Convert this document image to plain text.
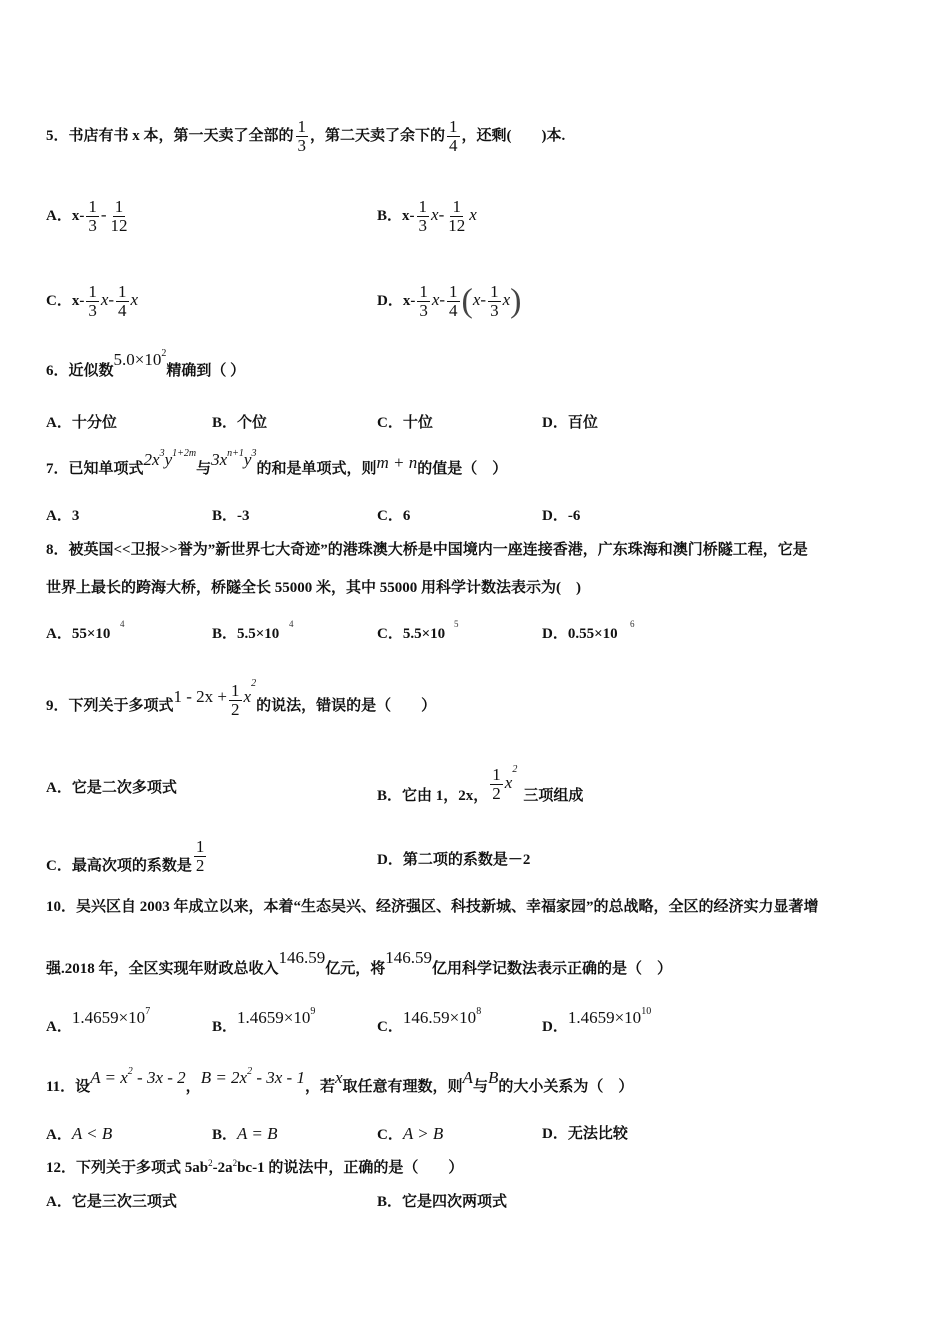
5．书店有书 x 本，第一天卖了全部的 $\frac{1}{3}$ ，第二天卖了余下的 $\frac{1}{4}$ ，还剩(　　)本.
A．$x- \frac{1}{3} - \frac{1}{12}$	B．$x- \frac{1}{3} x- \frac{1}{12}$ x
C．$x- \frac{1}{3} x- \frac{1}{4}$ x	D．$x- \frac{1}{3} x- \frac{1}{4} (x- \frac{1}{3} x)$
6．近似数$5.0\times 10^2$精确到（ ）
A．十分位	B．个位	C．十位	D．百位
7．已知单项式$2x^3y^{1+2m}$与$3x^{n+1}y^3$的和是单项式，则m + n的值是（　）
A．3	B．-3	C．6	D．-6
8．被英国<<卫报>>誉为”新世界七大奇迹”的港珠澳大桥是中国境内一座连接香港，广东珠海和澳门桥隧工程，它是
世界上最长的跨海大桥，桥隧全长 55000 米，其中 55000 用科学计数法表示为(　)
A．55×10
4
B．5.5×10
4
C．5.5×10
5
D．0.55×10
6
9．下列关于多项式$1 - 2x + \frac{1}{2} x^2$的说法，错误的是（　　）
A．它是二次多项式	B．它由 1，2x， $\frac{1}{2} x^2$三项组成
C．最高次项的系数是 $\frac{1}{2}$	D．第二项的系数是－2
10．吴兴区自 2003 年成立以来，本着“生态吴兴、经济强区、科技新城、幸福家园”的总战略，全区的经济实力显著增
强.2018 年，全区实现年财政总收入146.59亿元，将146.59亿用科学记数法表示正确的是（　）
A．$1.4659\times 10^7$
B．$1.4659\times 10^9$
C．$146.59\times 10^8$
D．$1.4659\times 10^{10}$
11．设$A = x^2 - 3x - 2$，$B = 2x^2 - 3x - 1$，若x取任意有理数，则A与B的大小关系为（　）
A．A < B	B．A = B	C．A > B	D．无法比较
12．下列关于多项式 $5ab^2-2a^2bc-1$ 的说法中，正确的是（　　）
A．它是三次三项式	B．它是四次两项式
